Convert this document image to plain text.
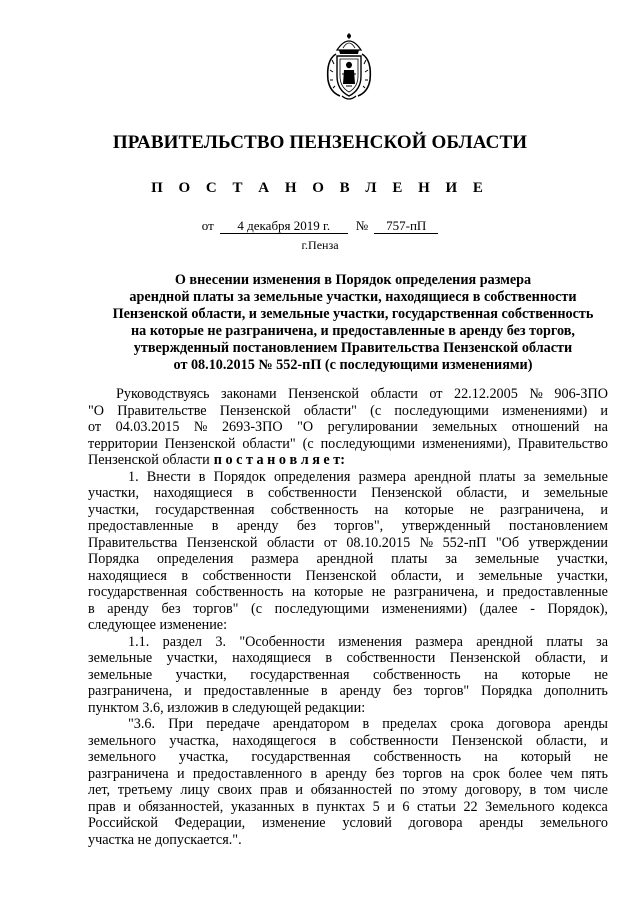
ПРАВИТЕЛЬСТВО ПЕНЗЕНСКОЙ ОБЛАСТИ
П О С Т А Н О В Л Е Н И Е
от 4 декабря 2019 г. № 757-пП
г.Пенза
О внесении изменения в Порядок определения размера
арендной платы за земельные участки, находящиеся в собственности
Пензенской области, и земельные участки, государственная собственность
на которые не разграничена, и предоставленные в аренду без торгов,
утвержденный постановлением Правительства Пензенской области
от 08.10.2015 № 552-пП (с последующими изменениями)
Руководствуясь законами Пензенской области от 22.12.2005 № 906-ЗПО
"О Правительстве Пензенской области" (с последующими изменениями) и
от 04.03.2015 № 2693-ЗПО "О регулировании земельных отношений на
территории Пензенской области" (с последующими изменениями), Правительство
Пензенской области п о с т а н о в л я е т:
1. Внести в Порядок определения размера арендной платы за земельные
участки, находящиеся в собственности Пензенской области, и земельные
участки, государственная собственность на которые не разграничена, и
предоставленные в аренду без торгов", утвержденный постановлением
Правительства Пензенской области от 08.10.2015 № 552-пП "Об утверждении
Порядка определения размера арендной платы за земельные участки,
находящиеся в собственности Пензенской области, и земельные участки,
государственная собственность на которые не разграничена, и предоставленные
в аренду без торгов" (с последующими изменениями) (далее - Порядок),
следующее изменение:
1.1. раздел 3. "Особенности изменения размера арендной платы за
земельные участки, находящиеся в собственности Пензенской области, и
земельные участки, государственная собственность на которые не
разграничена, и предоставленные в аренду без торгов" Порядка дополнить
пунктом 3.6, изложив в следующей редакции:
"3.6. При передаче арендатором в пределах срока договора аренды
земельного участка, находящегося в собственности Пензенской области, и
земельного участка, государственная собственность на который не
разграничена и предоставленного в аренду без торгов на срок более чем пять
лет, третьему лицу своих прав и обязанностей по этому договору, в том числе
прав и обязанностей, указанных в пунктах 5 и 6 статьи 22 Земельного кодекса
Российской Федерации, изменение условий договора аренды земельного
участка не допускается.".
